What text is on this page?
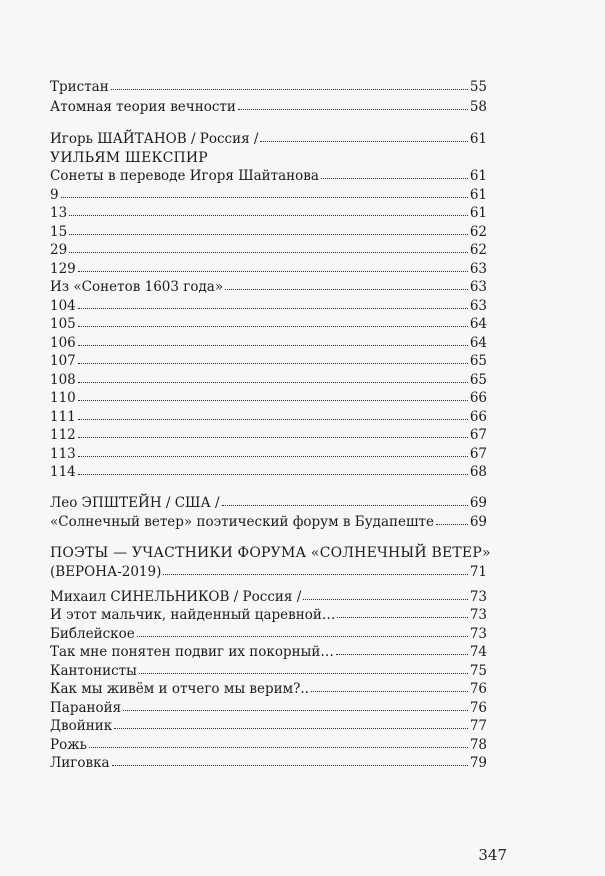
Тристан	55
Атомная теория вечности	58
Игорь ШАЙТАНОВ / Россия /	61
УИЛЬЯМ ШЕКСПИР
Сонеты в переводе Игоря Шайтанова	61
9	61
13	61
15	62
29	62
129	63
Из «Сонетов 1603 года»	63
104	63
105	64
106	64
107	65
108	65
110	66
111	66
112	67
113	67
114	68
Лео ЭПШТЕЙН / США /	69
«Солнечный ветер» поэтический форум в Будапеште	69
ПОЭТЫ — УЧАСТНИКИ ФОРУМА «СОЛНЕЧНЫЙ ВЕТЕР»
(ВЕРОНА-2019)	71
Михаил СИНЕЛЬНИКОВ / Россия /	73
И этот мальчик, найденный царевной…	73
Библейское	73
Так мне понятен подвиг их покорный…	74
Кантонисты	75
Как мы живём и отчего мы верим?..	76
Паранойя	76
Двойник	77
Рожь	78
Лиговка	79
347
